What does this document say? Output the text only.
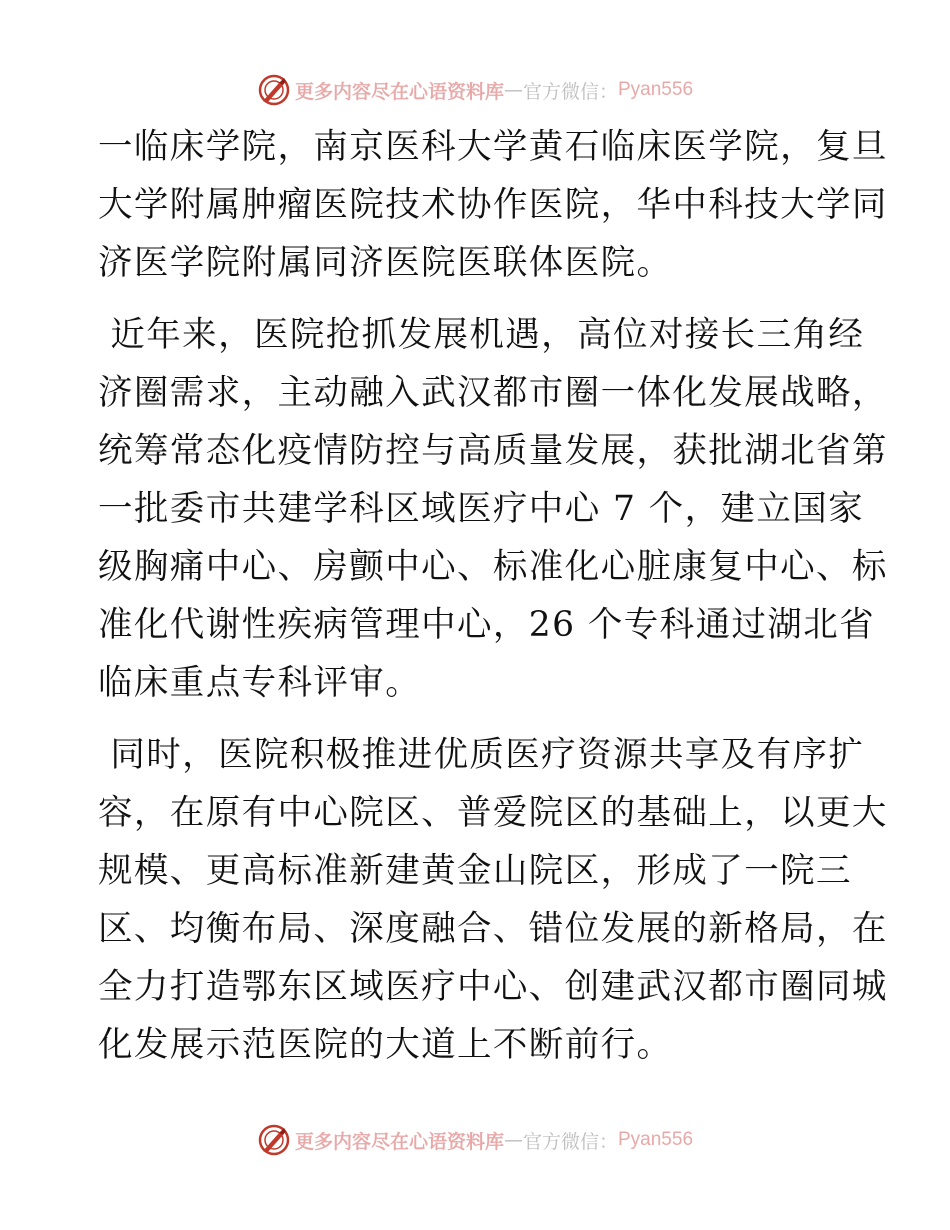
更多内容尽在心语资料库 — 官方微信： Pyan556
一临床学院，南京医科大学黄石临床医学院，复旦
大学附属肿瘤医院技术协作医院，华中科技大学同
济医学院附属同济医院医联体医院。
近年来，医院抢抓发展机遇，高位对接长三角经
济圈需求，主动融入武汉都市圈一体化发展战略，
统筹常态化疫情防控与高质量发展，获批湖北省第
一批委市共建学科区域医疗中心 7 个，建立国家
级胸痛中心、房颤中心、标准化心脏康复中心、标
准化代谢性疾病管理中心，26 个专科通过湖北省
临床重点专科评审。
同时，医院积极推进优质医疗资源共享及有序扩
容，在原有中心院区、普爱院区的基础上，以更大
规模、更高标准新建黄金山院区，形成了一院三
区、均衡布局、深度融合、错位发展的新格局，在
全力打造鄂东区域医疗中心、创建武汉都市圈同城
化发展示范医院的大道上不断前行。
更多内容尽在心语资料库 — 官方微信： Pyan556
